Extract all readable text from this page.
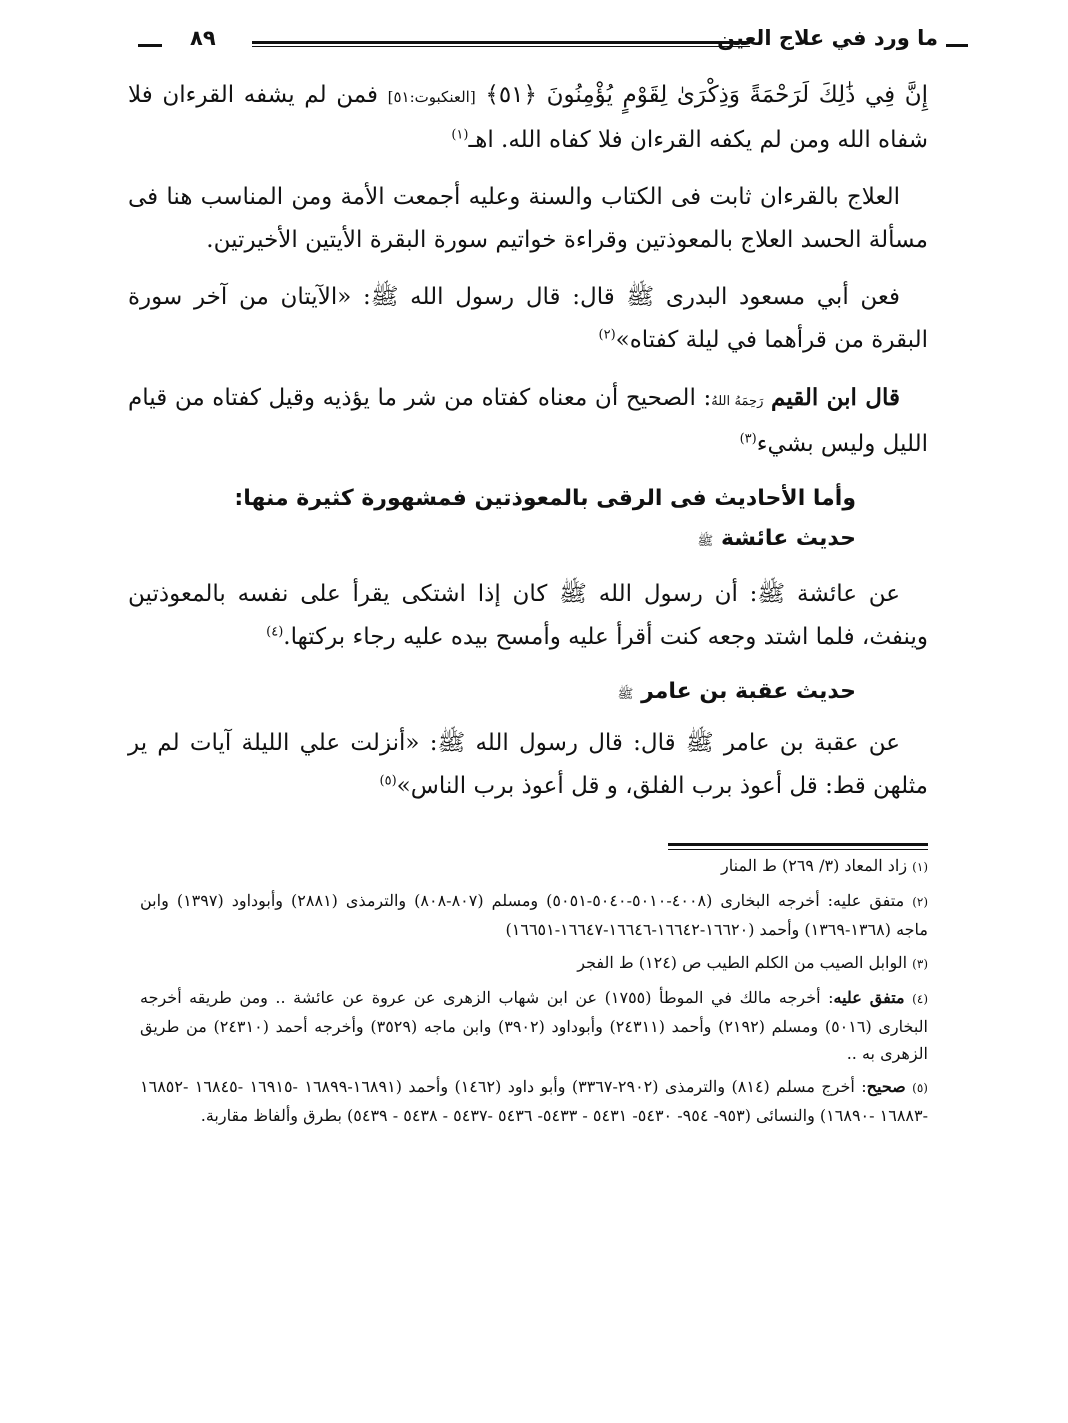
٨٩	ما ورد في علاج العين

إِنَّ فِي ذَٰلِكَ لَرَحْمَةً وَذِكْرَىٰ لِقَوْمٍ يُؤْمِنُونَ ﴿٥١﴾ [العنكبوت:٥١] فمن لم يشفه القرءان فلا شفاه الله ومن لم يكفه القرءان فلا كفاه الله. اهـ$^{(١)}$

العلاج بالقرءان ثابت فى الكتاب والسنة وعليه أجمعت الأمة ومن المناسب هنا فى مسألة الحسد العلاج بالمعوذتين وقراءة خواتيم سورة البقرة الأيتين الأخيرتين.

فعن أبي مسعود البدرى ﷺ قال: قال رسول الله ﷺ: «الآيتان من آخر سورة البقرة من قرأهما في ليلة كفتاه»$^{(٢)}$

قال ابن القيم رَحِمَهُ اللهُ: الصحيح أن معناه كفتاه من شر ما يؤذيه وقيل كفتاه من قيام الليل وليس بشيء$^{(٣)}$

وأما الأحاديث فى الرقى بالمعوذتين فمشهورة كثيرة منها:
حديث عائشة ﷺ

عن عائشة ﷺ: أن رسول الله ﷺ كان إذا اشتكى يقرأ على نفسه بالمعوذتين وينفث، فلما اشتد وجعه كنت أقرأ عليه وأمسح بيده عليه رجاء بركتها.$^{(٤)}$

حديث عقبة بن عامر ﷺ

عن عقبة بن عامر ﷺ قال: قال رسول الله ﷺ: «أنزلت علي الليلة آيات لم ير مثلهن قط: قل أعوذ برب الفلق، و قل أعوذ برب الناس»$^{(٥)}$

(١) زاد المعاد (٣/ ٢٦٩) ط المنار

(٢) متفق عليه: أخرجه البخارى (٤٠٠٨-٥٠١٠-٥٠٤٠-٥٠٥١) ومسلم (٨٠٧-٨٠٨) والترمذى (٢٨٨١) وأبوداود (١٣٩٧) وابن ماجه (١٣٦٨-١٣٦٩) وأحمد (١٦٦٢٠-١٦٦٤٢-١٦٦٤٦-١٦٦٤٧-١٦٦٥١)

(٣) الوابل الصيب من الكلم الطيب ص (١٢٤) ط الفجر

(٤) متفق عليه: أخرجه مالك في الموطأ (١٧٥٥) عن ابن شهاب الزهرى عن عروة عن عائشة .. ومن طريقه أخرجه البخارى (٥٠١٦) ومسلم (٢١٩٢) وأحمد (٢٤٣١١) وأبوداود (٣٩٠٢) وابن ماجه (٣٥٢٩) وأخرجه أحمد (٢٤٣١٠) من طريق الزهرى به ..

(٥) صحيح: أخرج مسلم (٨١٤) والترمذى (٢٩٠٢-٣٣٦٧) وأبو داود (١٤٦٢) وأحمد (١٦٨٩١-١٦٨٩٩ -١٦٩١٥ -١٦٨٤٥ -١٦٨٥٢ -١٦٨٨٣ -١٦٨٩٠) والنسائى (٩٥٣- ٩٥٤- ٥٤٣٠- ٥٤٣١ - ٥٤٣٣- ٥٤٣٦ -٥٤٣٧ - ٥٤٣٨ - ٥٤٣٩) بطرق وألفاظ مقاربة.
